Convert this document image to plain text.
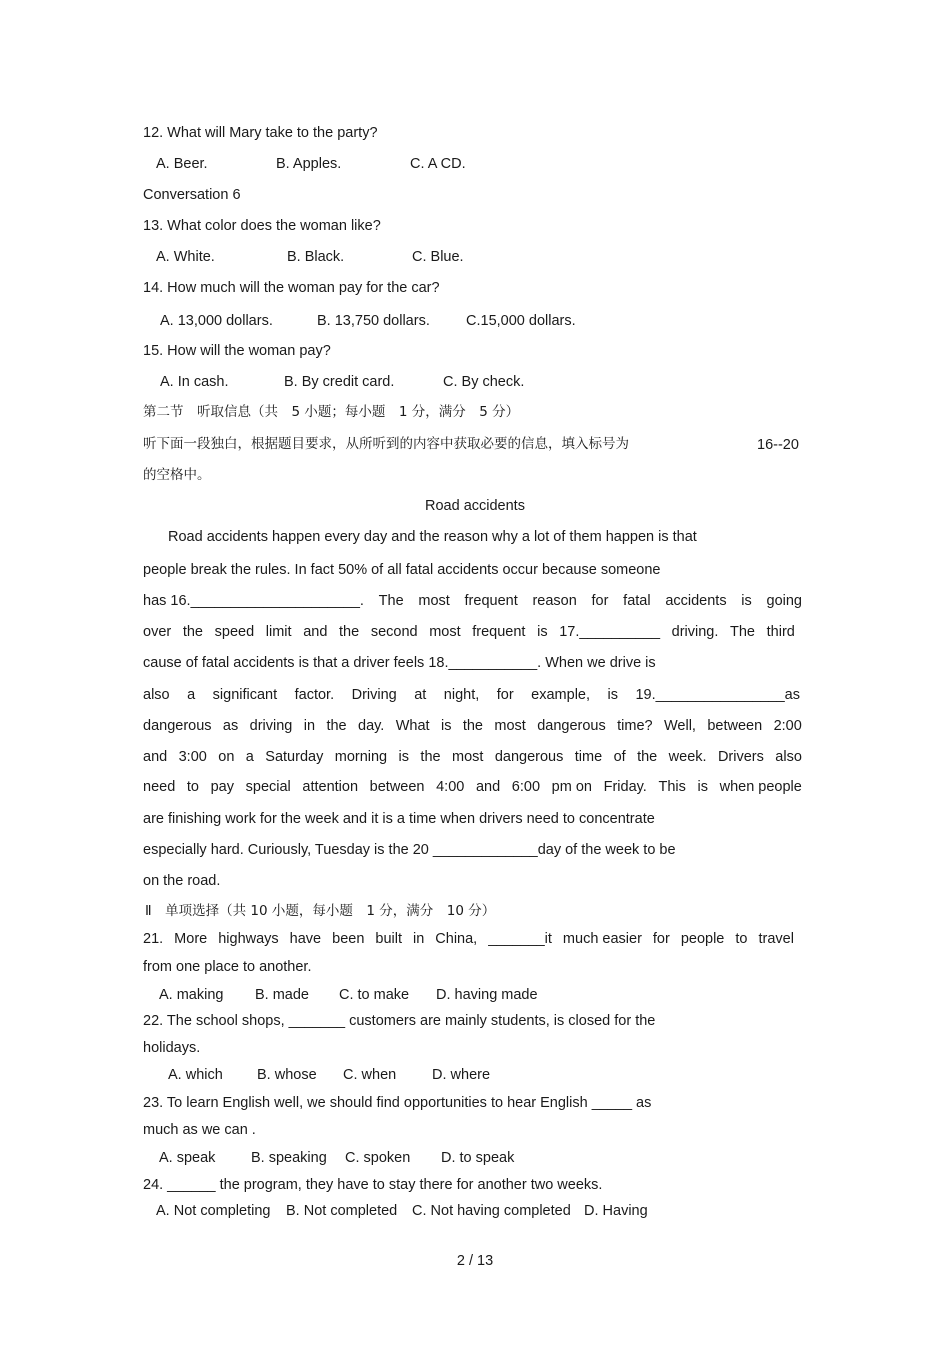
12. What will Mary take to the party?
A. Beer.	B. Apples.	C. A CD.
Conversation 6
13. What color does the woman like?
A. White.	B. Black.	C. Blue.
14. How much will the woman pay for the car?
A. 13,000 dollars.	B. 13,750 dollars. C.15,000 dollars.
15. How will the woman pay?
A. In cash.	B. By credit card.	C. By check.
第二节　听取信息（共　5 小题；每小题　1 分，满分　5 分）
听下面一段独白，根据题目要求，从所听到的内容中获取必要的信息，填入标号为	16--20
的空格中。
Road accidents
Road accidents happen every day and the reason why a lot of them happen is that
people break the rules. In fact 50% of all fatal accidents occur because someone
has 16._____________________. The most frequent reason for fatal accidents is going
over the speed limit and the second most frequent is 17.__________ driving. The third
cause of fatal accidents is that a driver feels 18.___________. When we drive is
also a significant factor. Driving at night, for example, is 19.________________as
dangerous as driving in the day. What is the most dangerous time? Well, between 2:00
and 3:00 on a Saturday morning is the most dangerous time of the week. Drivers also
need to pay special attention between 4:00 and 6:00 pm on Friday. This is when people
are finishing work for the week and it is a time when drivers need to concentrate
especially hard. Curiously, Tuesday is the 20 _____________day of the week to be
on the road.
Ⅱ　单项选择（共 10 小题，每小题　1 分，满分　10 分）
21. More highways have been built in China, _______it much easier for people to travel
from one place to another.
A. making B. made C. to make D. having made
22. The school shops, _______ customers are mainly students, is closed for the
holidays.
A. which B. whose C. when D. where
23. To learn English well, we should find opportunities to hear English _____ as
much as we can .
A. speak B. speaking C. spoken D. to speak
24. ______ the program, they have to stay there for another two weeks.
A. Not completing B. Not completed C. Not having completed D. Having
2 / 13
